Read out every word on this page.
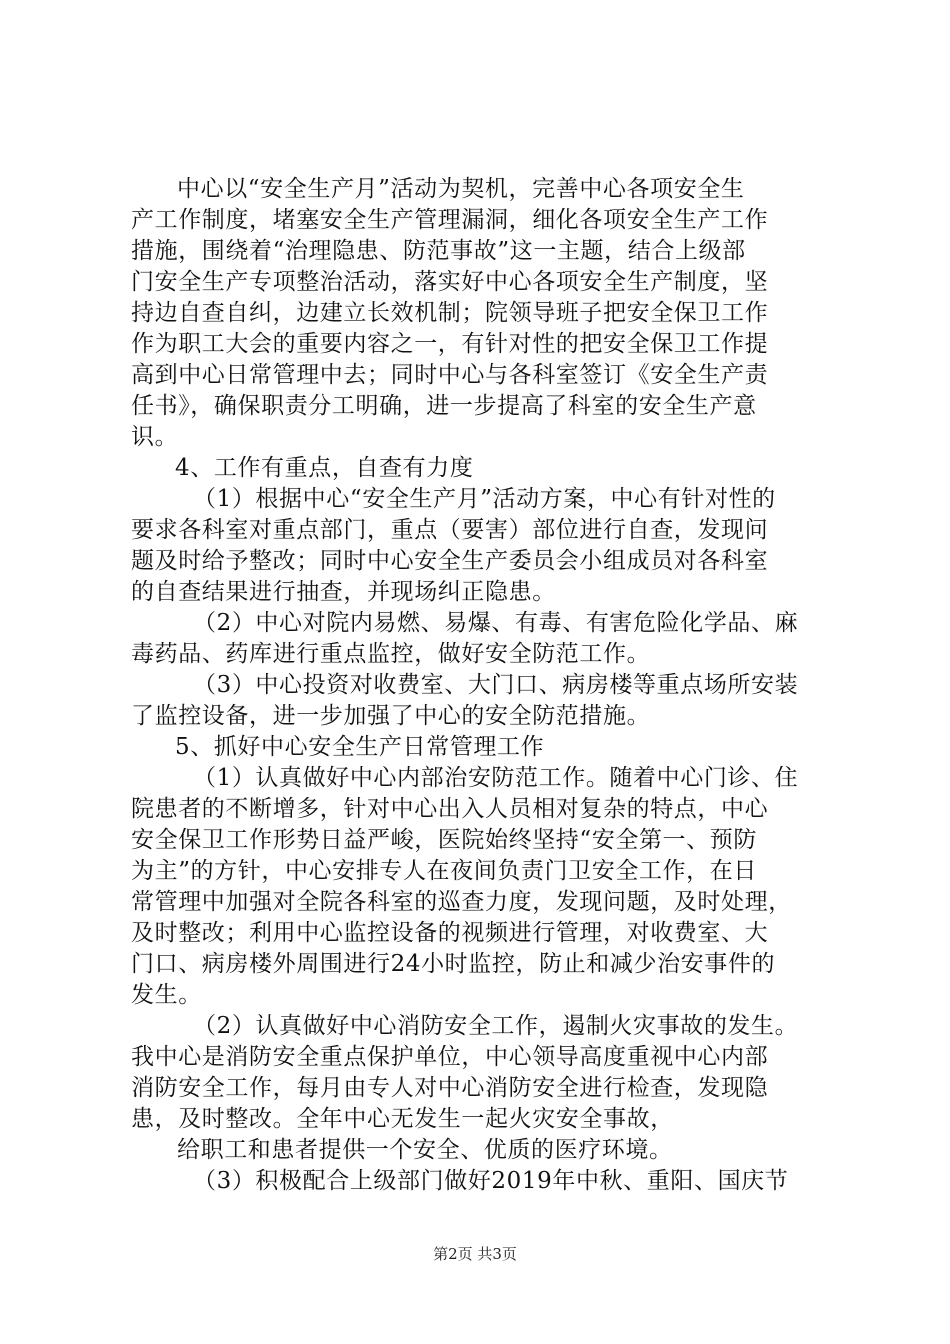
中心以“安全生产月”活动为契机，完善中心各项安全生
产工作制度，堵塞安全生产管理漏洞，细化各项安全生产工作
措施，围绕着“治理隐患、防范事故”这一主题，结合上级部
门安全生产专项整治活动，落实好中心各项安全生产制度，坚
持边自查自纠，边建立长效机制；院领导班子把安全保卫工作
作为职工大会的重要内容之一，有针对性的把安全保卫工作提
高到中心日常管理中去；同时中心与各科室签订《安全生产责
任书》，确保职责分工明确，进一步提高了科室的安全生产意
识。
4、工作有重点，自查有力度
（1）根据中心“安全生产月”活动方案，中心有针对性的
要求各科室对重点部门，重点（要害）部位进行自查，发现问
题及时给予整改；同时中心安全生产委员会小组成员对各科室
的自查结果进行抽查，并现场纠正隐患。
（2）中心对院内易燃、易爆、有毒、有害危险化学品、麻
毒药品、药库进行重点监控，做好安全防范工作。
（3）中心投资对收费室、大门口、病房楼等重点场所安装
了监控设备，进一步加强了中心的安全防范措施。
5、抓好中心安全生产日常管理工作
（1）认真做好中心内部治安防范工作。随着中心门诊、住
院患者的不断增多，针对中心出入人员相对复杂的特点，中心
安全保卫工作形势日益严峻，医院始终坚持“安全第一、预防
为主”的方针，中心安排专人在夜间负责门卫安全工作，在日
常管理中加强对全院各科室的巡查力度，发现问题，及时处理，
及时整改；利用中心监控设备的视频进行管理，对收费室、大
门口、病房楼外周围进行24小时监控，防止和减少治安事件的
发生。
（2）认真做好中心消防安全工作，遏制火灾事故的发生。
我中心是消防安全重点保护单位，中心领导高度重视中心内部
消防安全工作，每月由专人对中心消防安全进行检查，发现隐
患，及时整改。全年中心无发生一起火灾安全事故，
给职工和患者提供一个安全、优质的医疗环境。
（3）积极配合上级部门做好2019年中秋、重阳、国庆节
第2页 共3页
